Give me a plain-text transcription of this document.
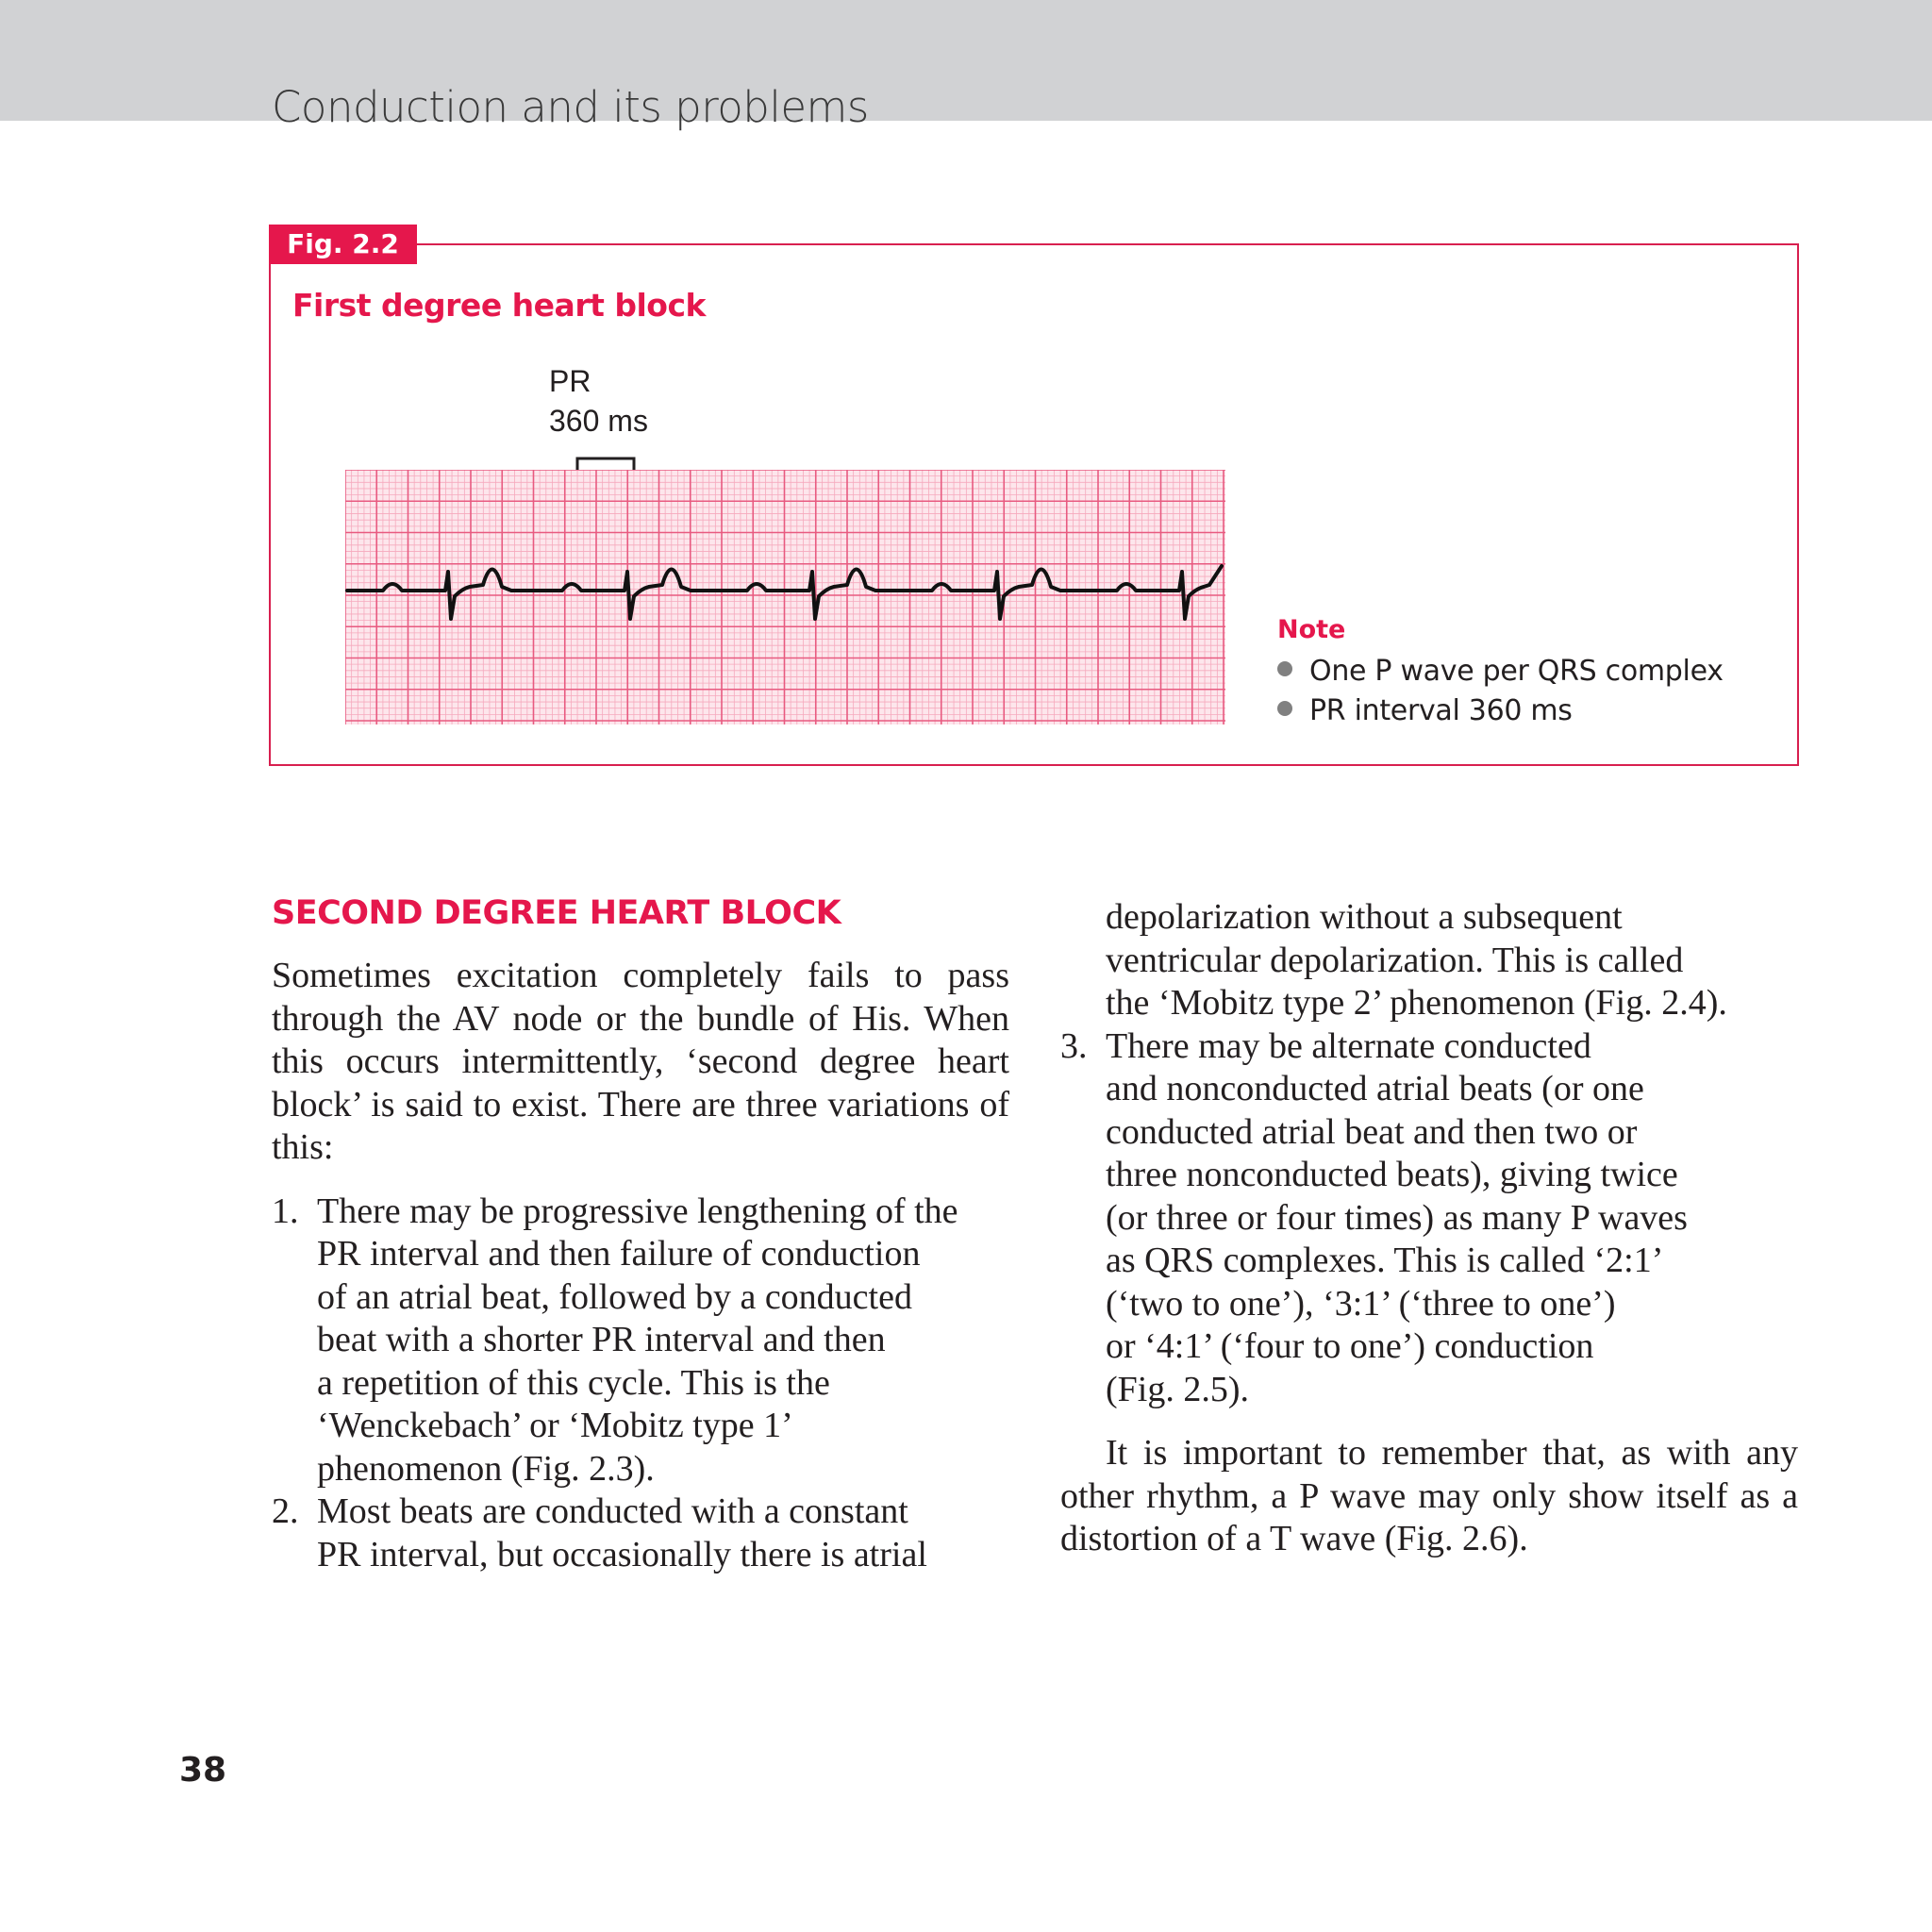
Conduction and its problems
Fig. 2.2
First degree heart block
PR
360 ms
Note
One P wave per QRS complex
PR interval 360 ms
SECOND DEGREE HEART BLOCK

Sometimes excitation completely fails to pass through the AV node or the bundle of His. When this occurs intermittently, ‘second degree heart block’ is said to exist. There are three variations of this:

1. There may be progressive lengthening of the
PR interval and then failure of conduction
of an atrial beat, followed by a conducted
beat with a shorter PR interval and then
a repetition of this cycle. This is the
‘Wenckebach’ or ‘Mobitz type 1’
phenomenon (Fig. 2.3).
2. Most beats are conducted with a constant
PR interval, but occasionally there is atrial
depolarization without a subsequent
ventricular depolarization. This is called
the ‘Mobitz type 2’ phenomenon (Fig. 2.4).
3. There may be alternate conducted
and nonconducted atrial beats (or one
conducted atrial beat and then two or
three nonconducted beats), giving twice
(or three or four times) as many P waves
as QRS complexes. This is called ‘2:1’
(‘two to one’), ‘3:1’ (‘three to one’)
or ‘4:1’ (‘four to one’) conduction
(Fig. 2.5).

It is important to remember that, as with any other rhythm, a P wave may only show itself as a distortion of a T wave (Fig. 2.6).

38
